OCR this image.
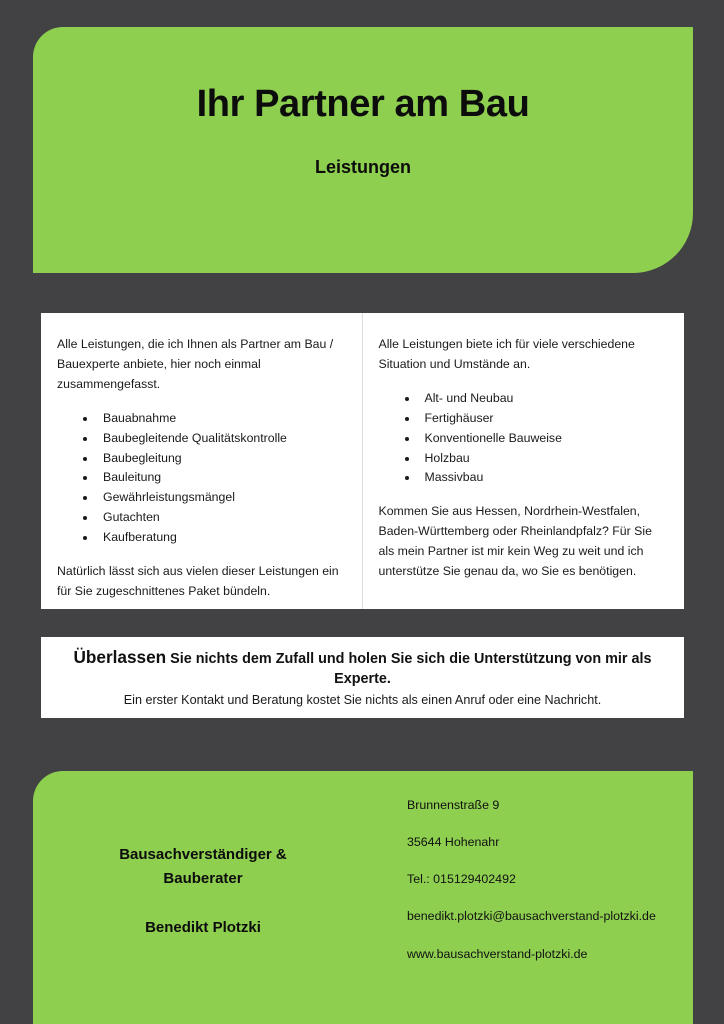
Ihr Partner am Bau
Leistungen

Alle Leistungen, die ich Ihnen als Partner am Bau / Bauexperte anbiete, hier noch einmal zusammengefasst.

• Bauabnahme
• Baubegleitende Qualitätskontrolle
• Baubegleitung
• Bauleitung
• Gewährleistungsmängel
• Gutachten
• Kaufberatung

Natürlich lässt sich aus vielen dieser Leistungen ein für Sie zugeschnittenes Paket bündeln.

Alle Leistungen biete ich für viele verschiedene Situation und Umstände an.

• Alt- und Neubau
• Fertighäuser
• Konventionelle Bauweise
• Holzbau
• Massivbau

Kommen Sie aus Hessen, Nordrhein-Westfalen, Baden-Württemberg oder Rheinlandpfalz? Für Sie als mein Partner ist mir kein Weg zu weit und ich unterstütze Sie genau da, wo Sie es benötigen.

Überlassen Sie nichts dem Zufall und holen Sie sich die Unterstützung von mir als Experte.

Ein erster Kontakt und Beratung kostet Sie nichts als einen Anruf oder eine Nachricht.

Bausachverständiger &

Bauberater

Benedikt Plotzki

Brunnenstraße 9

35644 Hohenahr

Tel.: 015129402492

benedikt.plotzki@bausachverstand-plotzki.de

www.bausachverstand-plotzki.de
